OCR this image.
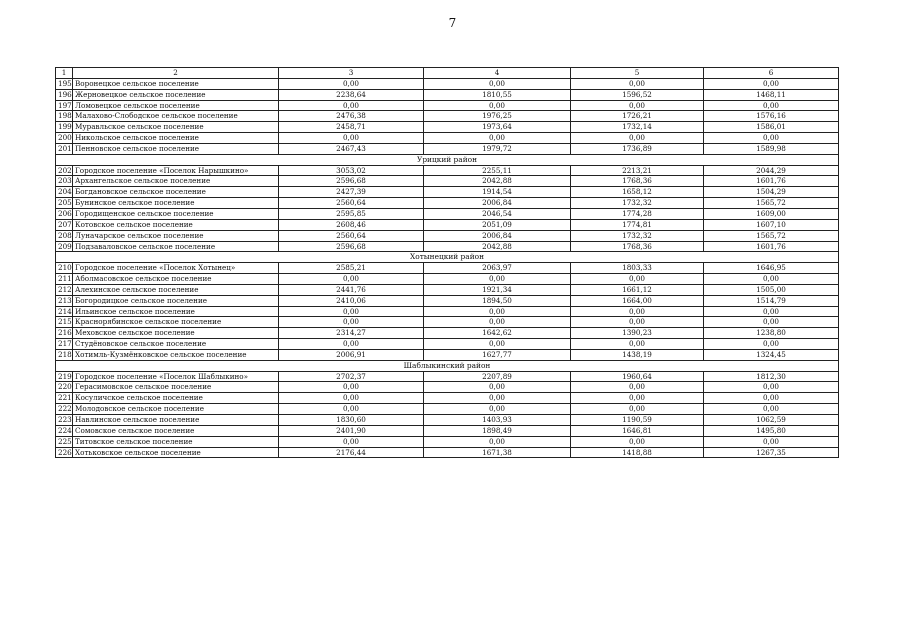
7
1	2	3	4	5	6
195	Воронецкое сельское поселение	0,00	0,00	0,00	0,00
196	Жерновецкое сельское поселение	2238,64	1810,55	1596,52	1468,11
197	Ломовецкое сельское поселение	0,00	0,00	0,00	0,00
198	Малахово-Слободское сельское поселение	2476,38	1976,25	1726,21	1576,16
199	Муравльское сельское поселение	2458,71	1973,64	1732,14	1586,01
200	Никольское сельское поселение	0,00	0,00	0,00	0,00
201	Пенновское сельское поселение	2467,43	1979,72	1736,89	1589,98
Урицкий район					
202	Городское поселение «Поселок Нарышкино»	3053,02	2255,11	2213,21	2044,29
203	Архангельское сельское поселение	2596,68	2042,88	1768,36	1601,76
204	Богдановское сельское поселение	2427,39	1914,54	1658,12	1504,29
205	Бунинское сельское поселение	2560,64	2006,84	1732,32	1565,72
206	Городищенское сельское поселение	2595,85	2046,54	1774,28	1609,00
207	Котовское сельское поселение	2608,46	2051,09	1774,81	1607,10
208	Луначарское сельское поселение	2560,64	2006,84	1732,32	1565,72
209	Подзаваловское сельское поселение	2596,68	2042,88	1768,36	1601,76
Хотынецкий район					
210	Городское поселение «Поселок Хотынец»	2585,21	2063,97	1803,33	1646,95
211	Аболмасовское сельское поселение	0,00	0,00	0,00	0,00
212	Алехинское сельское поселение	2441,76	1921,34	1661,12	1505,00
213	Богородицкое сельское поселение	2410,06	1894,50	1664,00	1514,79
214	Ильинское сельское поселение	0,00	0,00	0,00	0,00
215	Краснорябинское сельское поселение	0,00	0,00	0,00	0,00
216	Меховское сельское поселение	2314,27	1642,62	1390,23	1238,80
217	Студёновское сельское поселение	0,00	0,00	0,00	0,00
218	Хотимль-Кузмёнковское сельское поселение	2006,91	1627,77	1438,19	1324,45
Шаблыкинский район					
219	Городское поселение «Поселок Шаблыкино»	2702,37	2207,89	1960,64	1812,30
220	Герасимовское сельское поселение	0,00	0,00	0,00	0,00
221	Косуличское сельское поселение	0,00	0,00	0,00	0,00
222	Молодовское сельское поселение	0,00	0,00	0,00	0,00
223	Навлинское сельское поселение	1830,60	1403,93	1190,59	1062,59
224	Сомовское сельское поселение	2401,90	1898,49	1646,81	1495,80
225	Титовское сельское поселение	0,00	0,00	0,00	0,00
226	Хотьковское сельское поселение	2176,44	1671,38	1418,88	1267,35
